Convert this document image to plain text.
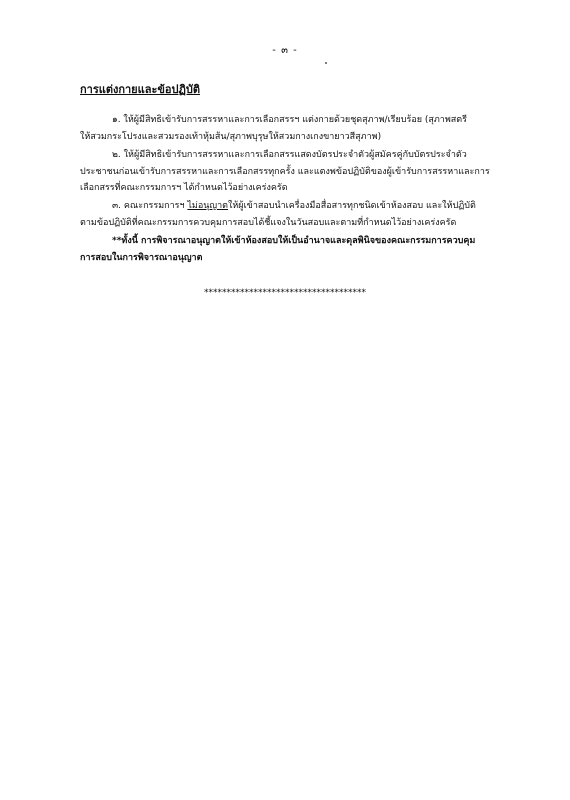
- ๓ -
การแต่งกายและข้อปฏิบัติ

๑. ให้ผู้มีสิทธิเข้ารับการสรรหาและการเลือกสรรฯ แต่งกายด้วยชุดสุภาพ/เรียบร้อย (สุภาพสตรี

ให้สวมกระโปรงและสวมรองเท้าหุ้มส้น/สุภาพบุรุษให้สวมกางเกงขายาวสีสุภาพ)

๒. ให้ผู้มีสิทธิเข้ารับการสรรหาและการเลือกสรรแสดงบัตรประจำตัวผู้สมัครคู่กับบัตรประจำตัว

ประชาชนก่อนเข้ารับการสรรหาและการเลือกสรรทุกครั้ง และแตงพข้อปฏิบัติของผู้เข้ารับการสรรหาและการ

เลือกสรรที่คณะกรรมการฯ ได้กำหนดไว้อย่างเคร่งครัด

๓. คณะกรรมการฯ ไม่อนุญาตให้ผู้เข้าสอบนำเครื่องมือสื่อสารทุกชนิดเข้าห้องสอบ และให้ปฏิบัติ

ตามข้อปฏิบัติที่คณะกรรมการควบคุมการสอบได้ชี้แจงในวันสอบและตามที่กำหนดไว้อย่างเคร่งครัด

**ทั้งนี้ การพิจารณาอนุญาตให้เข้าห้องสอบให้เป็นอำนาจและดุลพินิจของคณะกรรมการควบคุม

การสอบในการพิจารณาอนุญาต

************************************
